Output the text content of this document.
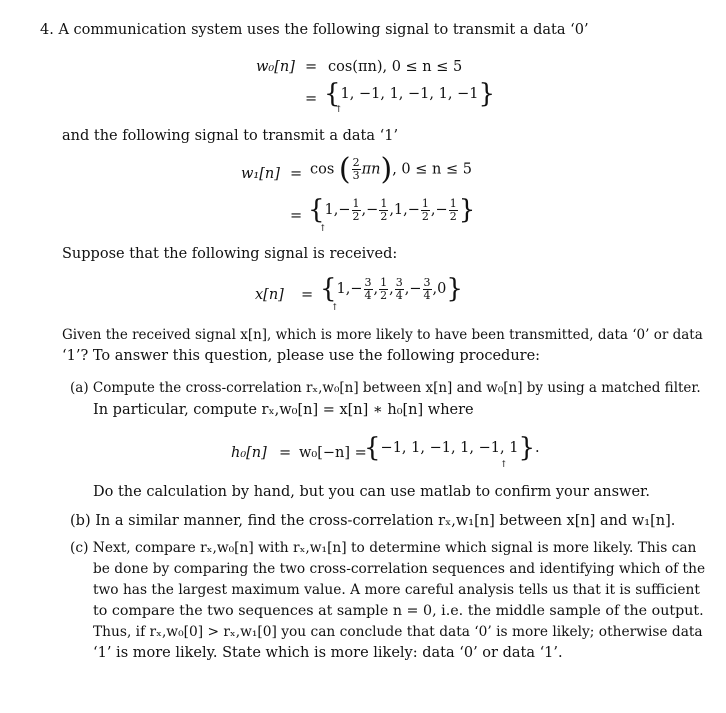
4. A communication system uses the following signal to transmit a data ‘0’
w₀[n] = cos(πn), 0 ≤ n ≤ 5
= {1, −1, 1, −1, 1, −1}
↑
and the following signal to transmit a data ‘1’
w₁[n] = cos ( $\frac{2}{3} \pi n$), 0 ≤ n ≤ 5
= {$1,- \frac{1}{2}$ ,− $\frac{1}{2} ,1,- \frac{1}{2}$ ,− $\frac{1}{2}$ }
↑
Suppose that the following signal is received:
$x[n] = \{1,- \frac{3}{4}$ , $\frac{1}{2}$ , $\frac{3}{4}$ ,− $\frac{3}{4} ,0$}
↑
Given the received signal x[n], which is more likely to have been transmitted, data ‘0’ or data
‘1’? To answer this question, please use the following procedure:
(a) Compute the cross-correlation rₓ,w₀[n] between x[n] and w₀[n] by using a matched filter.
In particular, compute rₓ,w₀[n] = x[n] ∗ h₀[n] where
h₀[n] = w₀[−n] =
{−1, 1, −1, 1, −1, 1}.
↑
Do the calculation by hand, but you can use matlab to confirm your answer.
(b) In a similar manner, find the cross-correlation rₓ,w₁[n] between x[n] and w₁[n].
(c) Next, compare rₓ,w₀[n] with rₓ,w₁[n] to determine which signal is more likely. This can
be done by comparing the two cross-correlation sequences and identifying which of the
two has the largest maximum value. A more careful analysis tells us that it is sufficient
to compare the two sequences at sample n = 0, i.e. the middle sample of the output.
Thus, if rₓ,w₀[0] > rₓ,w₁[0] you can conclude that data ‘0’ is more likely; otherwise data
‘1’ is more likely. State which is more likely: data ‘0’ or data ‘1’.
